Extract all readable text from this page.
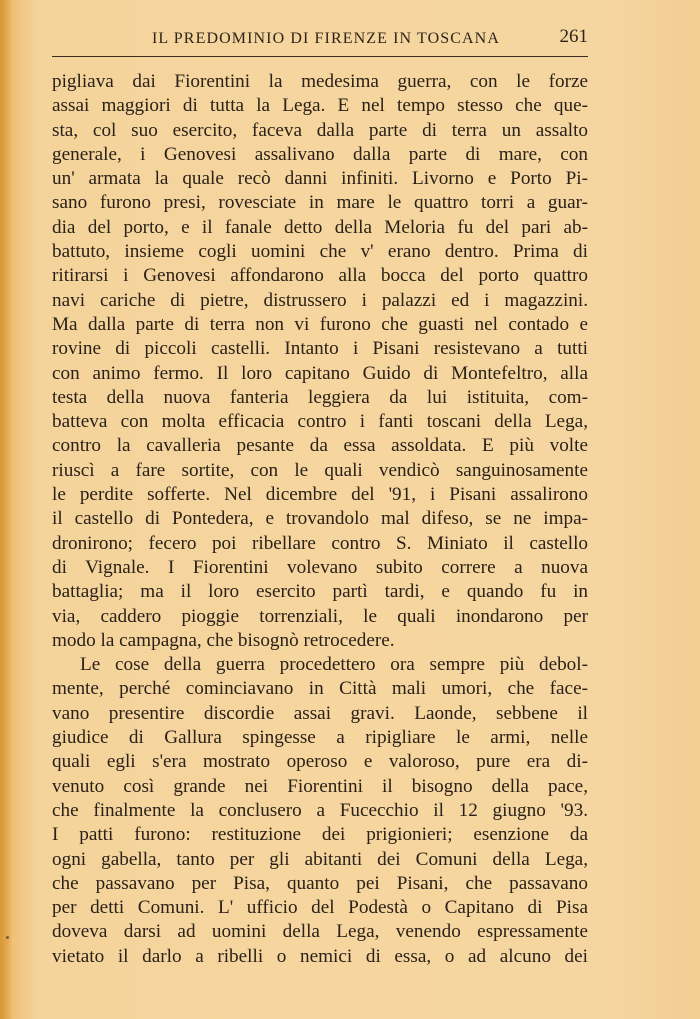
IL PREDOMINIO DI FIRENZE IN TOSCANA	261
pigliava dai Fiorentini la medesima guerra, con le forze
assai maggiori di tutta la Lega. E nel tempo stesso che que-
sta, col suo esercito, faceva dalla parte di terra un assalto
generale, i Genovesi assalivano dalla parte di mare, con
un' armata la quale recò danni infiniti. Livorno e Porto Pi-
sano furono presi, rovesciate in mare le quattro torri a guar-
dia del porto, e il fanale detto della Meloria fu del pari ab-
battuto, insieme cogli uomini che v' erano dentro. Prima di
ritirarsi i Genovesi affondarono alla bocca del porto quattro
navi cariche di pietre, distrussero i palazzi ed i magazzini.
Ma dalla parte di terra non vi furono che guasti nel contado e
rovine di piccoli castelli. Intanto i Pisani resistevano a tutti
con animo fermo. Il loro capitano Guido di Montefeltro, alla
testa della nuova fanteria leggiera da lui istituita, com-
batteva con molta efficacia contro i fanti toscani della Lega,
contro la cavalleria pesante da essa assoldata. E più volte
riuscì a fare sortite, con le quali vendicò sanguinosamente
le perdite sofferte. Nel dicembre del '91, i Pisani assalirono
il castello di Pontedera, e trovandolo mal difeso, se ne impa-
dronirono; fecero poi ribellare contro S. Miniato il castello
di Vignale. I Fiorentini volevano subito correre a nuova
battaglia; ma il loro esercito partì tardi, e quando fu in
via, caddero pioggie torrenziali, le quali inondarono per
modo la campagna, che bisognò retrocedere.
Le cose della guerra procedettero ora sempre più debol-
mente, perché cominciavano in Città mali umori, che face-
vano presentire discordie assai gravi. Laonde, sebbene il
giudice di Gallura spingesse a ripigliare le armi, nelle
quali egli s'era mostrato operoso e valoroso, pure era di-
venuto così grande nei Fiorentini il bisogno della pace,
che finalmente la conclusero a Fucecchio il 12 giugno '93.
I patti furono: restituzione dei prigionieri; esenzione da
ogni gabella, tanto per gli abitanti dei Comuni della Lega,
che passavano per Pisa, quanto pei Pisani, che passavano
per detti Comuni. L' ufficio del Podestà o Capitano di Pisa
doveva darsi ad uomini della Lega, venendo espressamente
vietato il darlo a ribelli o nemici di essa, o ad alcuno dei
